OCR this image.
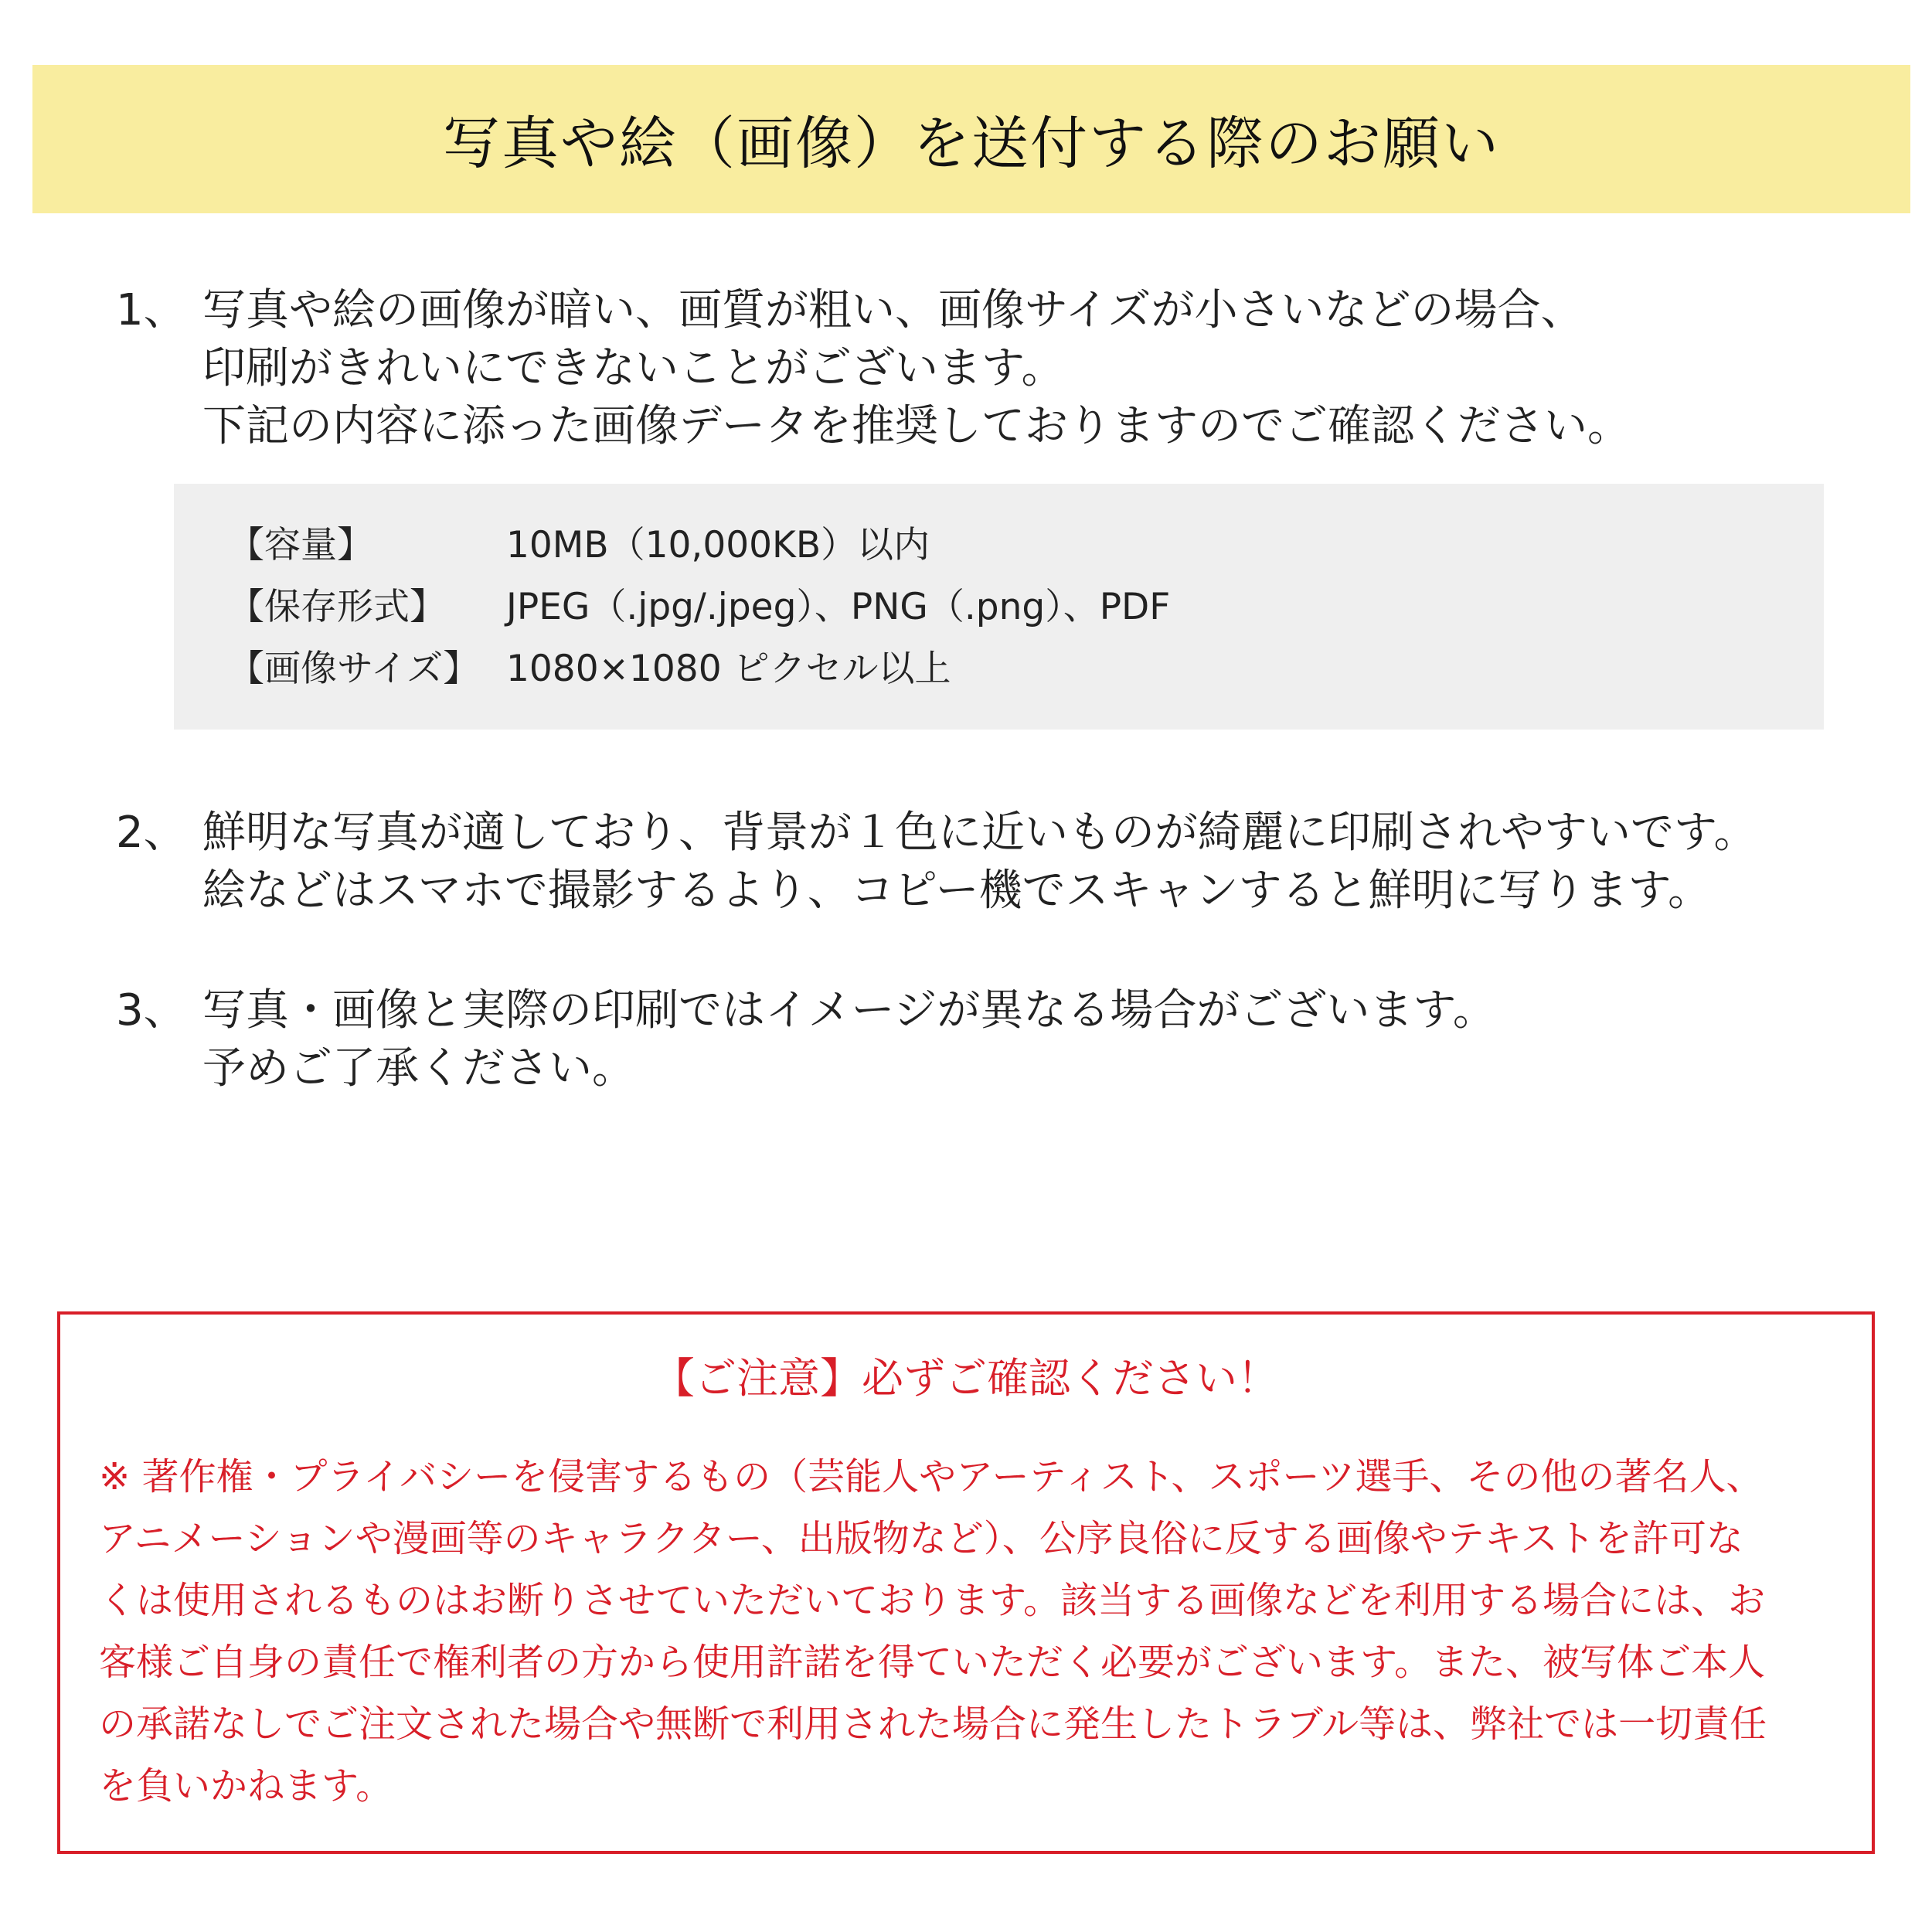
写真や絵（画像）を送付する際のお願い
1、 写真や絵の画像が暗い、画質が粗い、画像サイズが小さいなどの場合、
印刷がきれいにできないことがございます。
下記の内容に添った画像データを推奨しておりますのでご確認ください。
【容量】	10MB（10,000KB）以内
【保存形式】 JPEG（.jpg/.jpeg）、PNG（.png）、PDF
【画像サイズ】 1080×1080 ピクセル以上
2、 鮮明な写真が適しており、背景が１色に近いものが綺麗に印刷されやすいです。
絵などはスマホで撮影するより、コピー機でスキャンすると鮮明に写ります。
3、 写真・画像と実際の印刷ではイメージが異なる場合がございます。
予めご了承ください。
【ご注意】必ずご確認ください！
※ 著作権・プライバシーを侵害するもの（芸能人やアーティスト、スポーツ選手、その他の著名人、
アニメーションや漫画等のキャラクター、出版物など）、公序良俗に反する画像やテキストを許可な
くは使用されるものはお断りさせていただいております。該当する画像などを利用する場合には、お
客様ご自身の責任で権利者の方から使用許諾を得ていただく必要がございます。また、被写体ご本人
の承諾なしでご注文された場合や無断で利用された場合に発生したトラブル等は、弊社では一切責任
を負いかねます。
